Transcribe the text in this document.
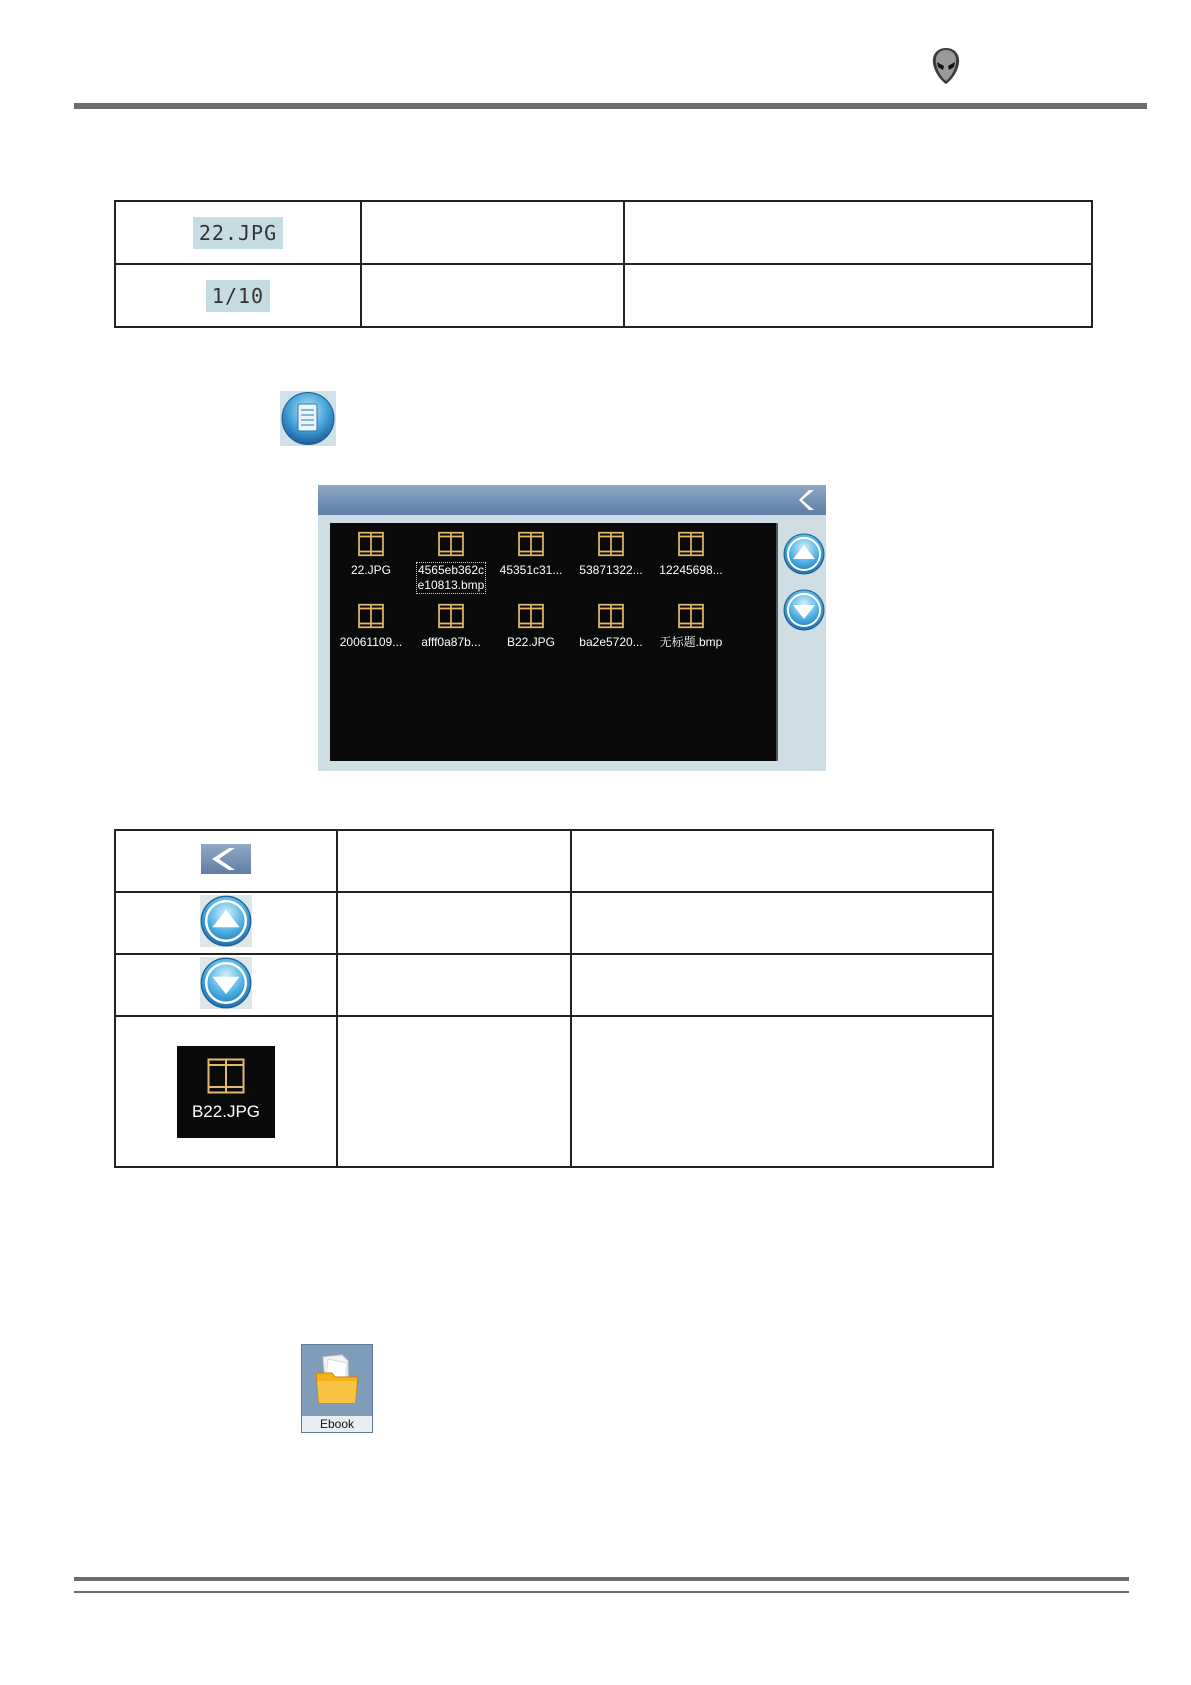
22.JPG		
1/10		
22.JPG	4565eb362c
e10813.bmp
45351c31...	53871322...	12245698...
20061109...	afff0a87b...	B22.JPG	ba2e5720...	无标题.bmp

B22.JPG		
Ebook
